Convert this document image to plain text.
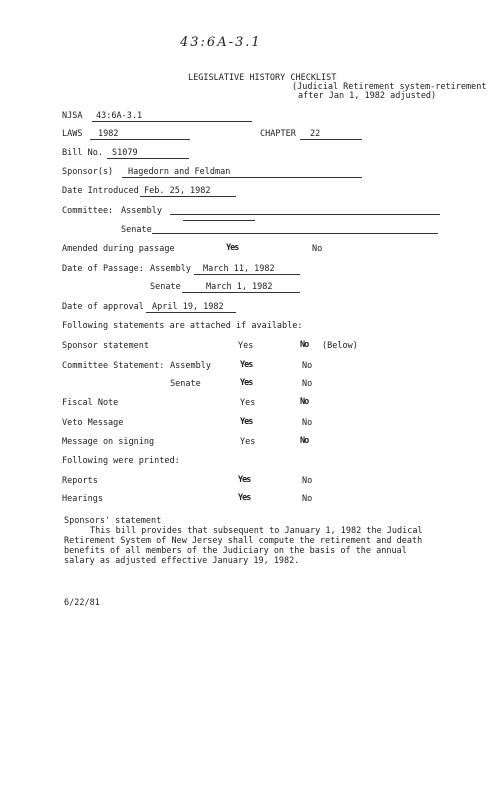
43:6A-3.1
LEGISLATIVE HISTORY CHECKLIST
(Judicial Retirement system-retirement
after Jan 1, 1982 adjusted)
NJSA 43:6A-3.1
LAWS 1982	CHAPTER 22
Bill No. S1079
Sponsor(s) Hagedorn and Feldman
Date Introduced Feb. 25, 1982
Committee: Assembly
Senate
Amended during passage	Yes	No
Date of Passage: Assembly March 11, 1982
Senate	March 1, 1982
Date of approval April 19, 1982
Following statements are attached if available:
Sponsor statement	Yes	No (Below)
Committee Statement: Assembly	Yes	No
Senate	Yes	No
Fiscal Note	Yes	No
Veto Message	Yes	No
Message on signing	Yes	No
Following were printed:
Reports	Yes	No
Hearings	Yes	No
Sponsors' statement
This bill provides that subsequent to January 1, 1982 the Judical
Retirement System of New Jersey shall compute the retirement and death
benefits of all members of the Judiciary on the basis of the annual
salary as adjusted effective January 19, 1982.
6/22/81
